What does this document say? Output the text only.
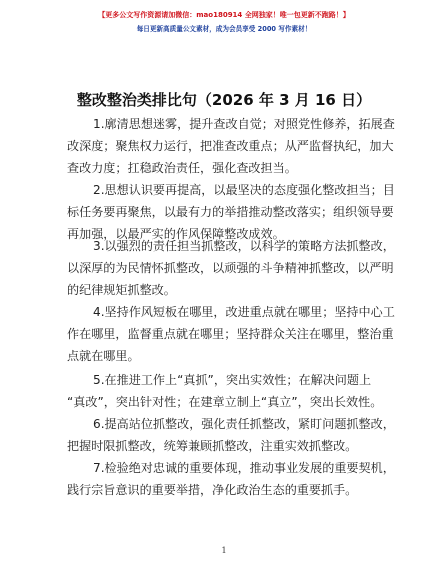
【更多公文写作资源请加微信：mao180914 全网独家！唯一包更新不跑路！】
每日更新高质量公文素材，成为会员享受 2000 写作素材！
整改整治类排比句（2026 年 3 月 16 日）
1.廓清思想迷雾，提升查改自觉；对照党性修养，拓展查
改深度；聚焦权力运行，把准查改重点；从严监督执纪，加大
查改力度；扛稳政治责任，强化查改担当。
2.思想认识要再提高，以最坚决的态度强化整改担当；目
标任务要再聚焦，以最有力的举措推动整改落实；组织领导要
再加强，以最严实的作风保障整改成效。
3.以强烈的责任担当抓整改，以科学的策略方法抓整改，
以深厚的为民情怀抓整改，以顽强的斗争精神抓整改，以严明
的纪律规矩抓整改。
4.坚持作风短板在哪里，改进重点就在哪里；坚持中心工
作在哪里，监督重点就在哪里；坚持群众关注在哪里，整治重
点就在哪里。
5.在推进工作上“真抓”，突出实效性；在解决问题上
“真改”，突出针对性；在建章立制上“真立”，突出长效性。
6.提高站位抓整改，强化责任抓整改，紧盯问题抓整改，
把握时限抓整改，统筹兼顾抓整改，注重实效抓整改。
7.检验绝对忠诚的重要体现，推动事业发展的重要契机，
践行宗旨意识的重要举措，净化政治生态的重要抓手。
1
